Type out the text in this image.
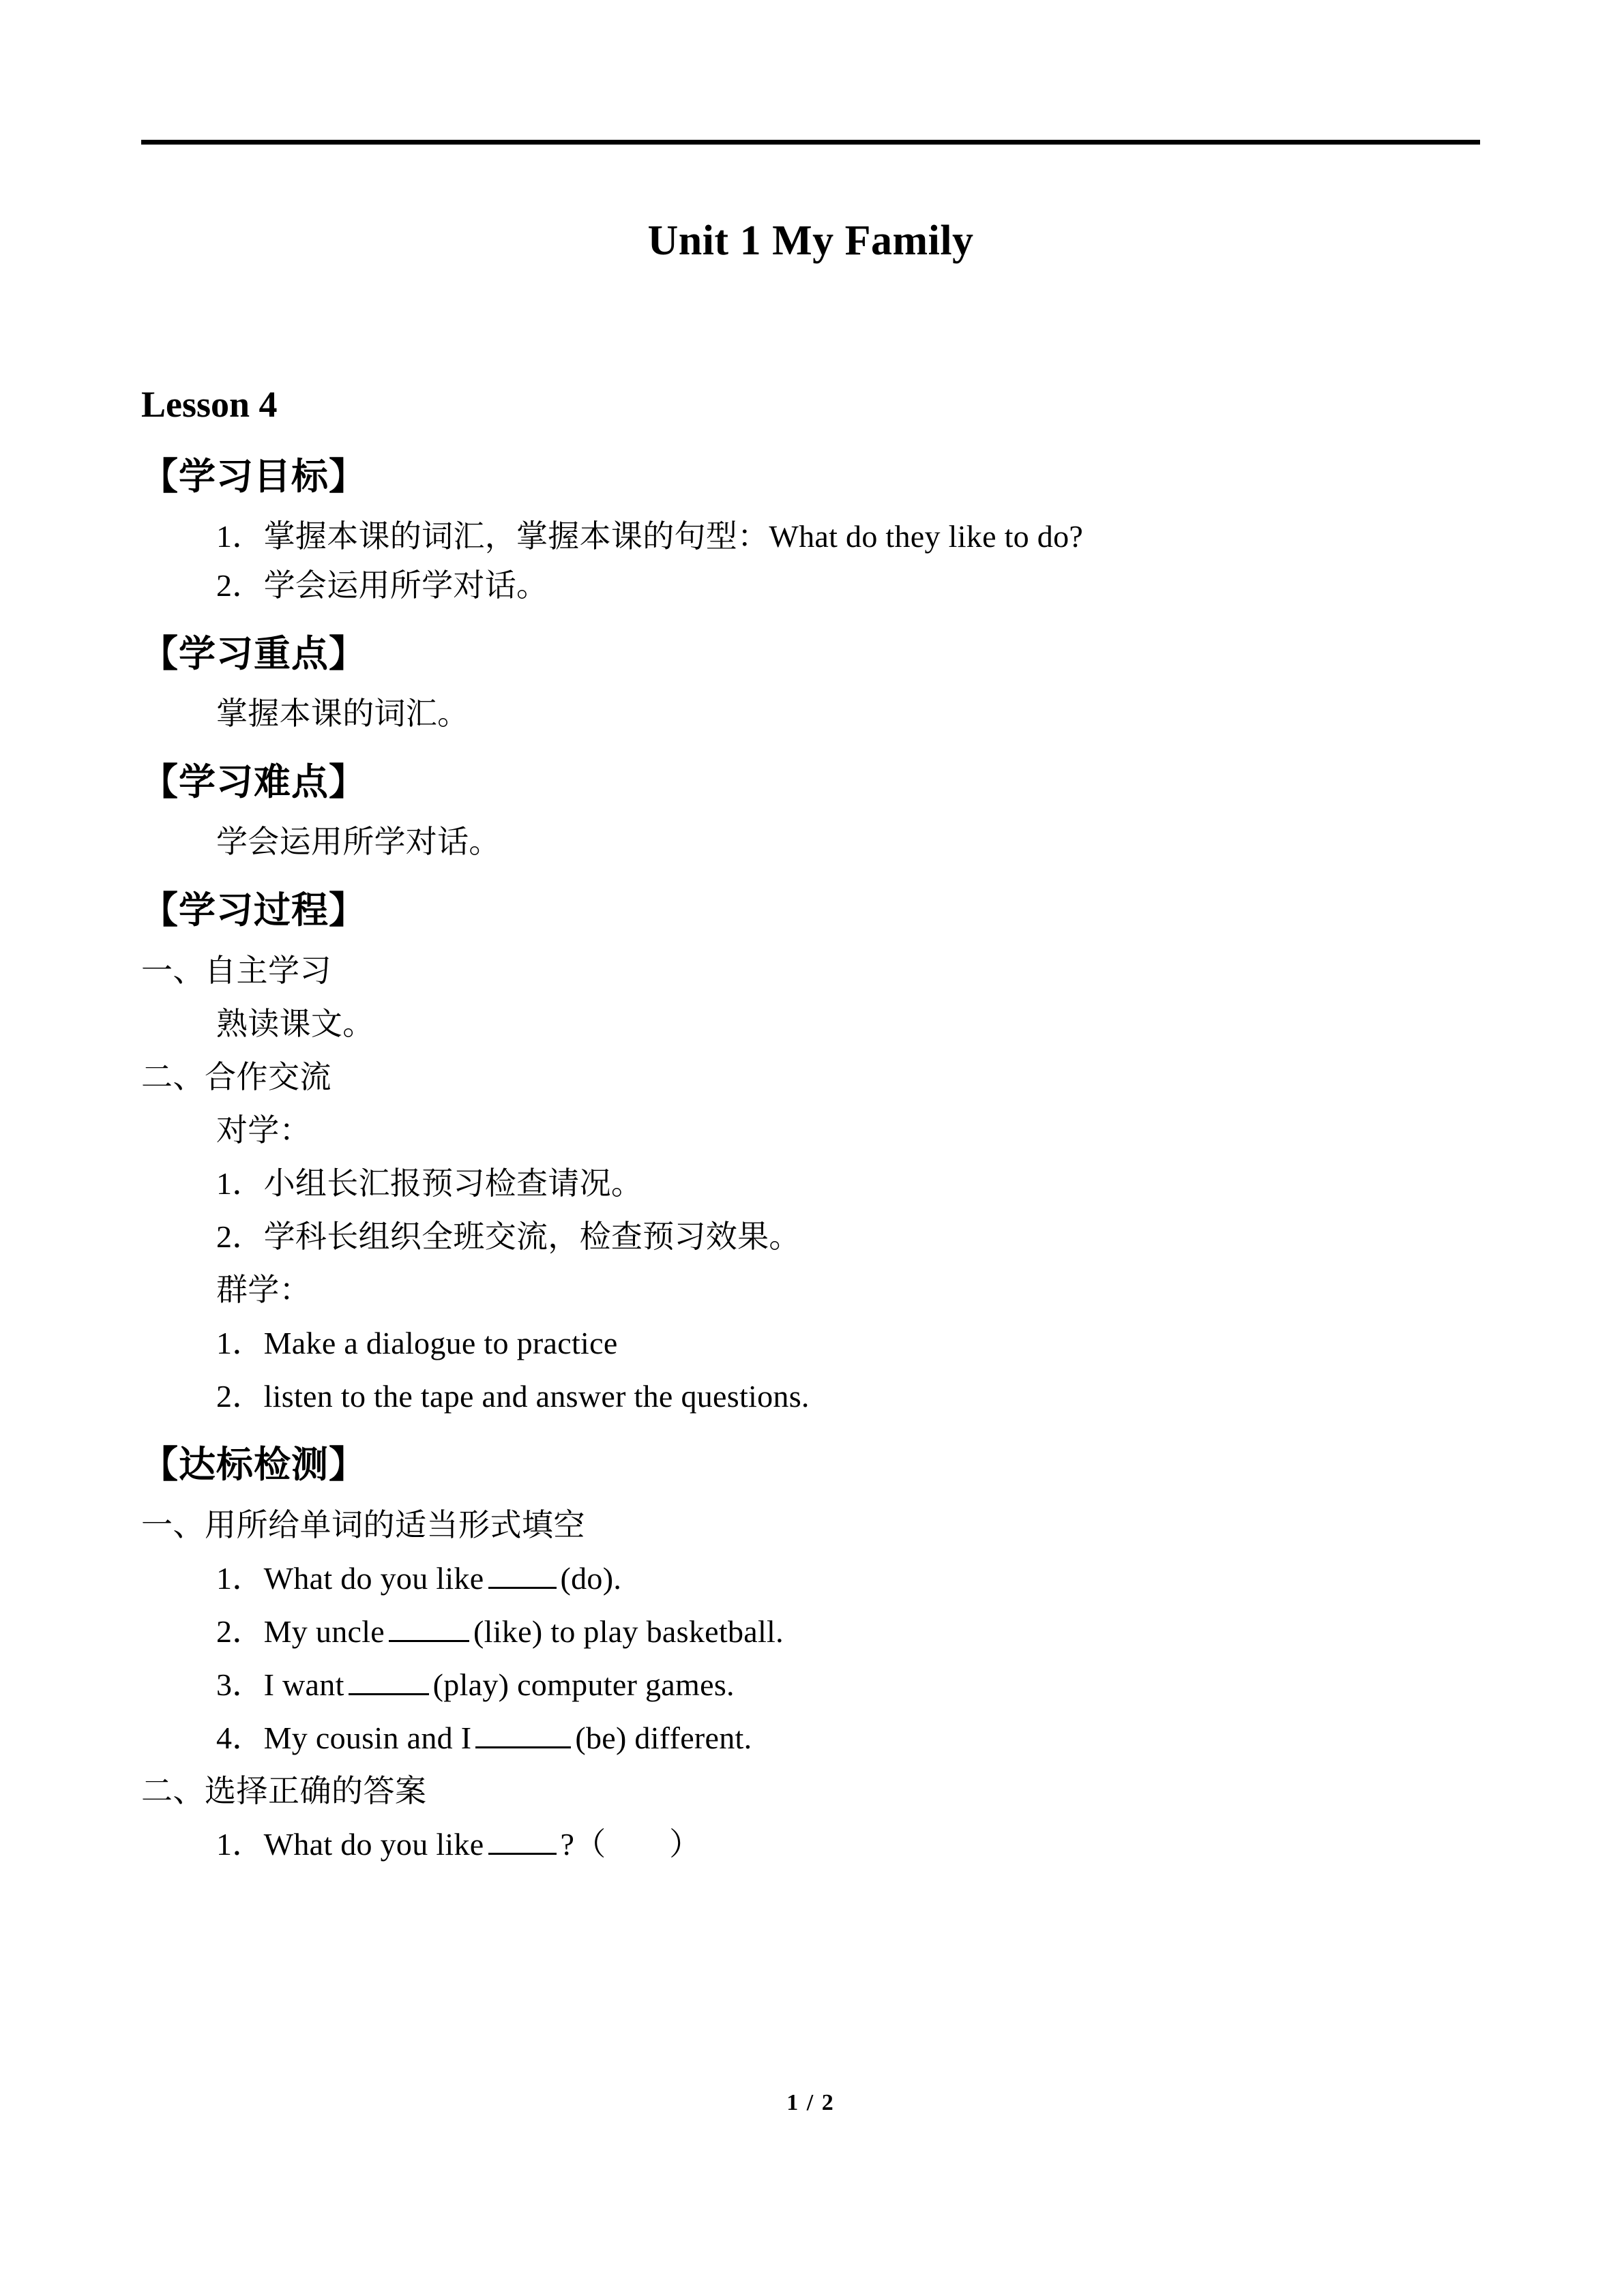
Unit 1 My Family
Lesson 4
【学习目标】
1．掌握本课的词汇，掌握本课的句型：What do they like to do?
2．学会运用所学对话。
【学习重点】
掌握本课的词汇。
【学习难点】
学会运用所学对话。
【学习过程】
一、自主学习
熟读课文。
二、合作交流
对学：
1．小组长汇报预习检查请况。
2．学科长组织全班交流，检查预习效果。
群学：
1．Make a dialogue to practice
2．listen to the tape and answer the questions.
【达标检测】
一、用所给单词的适当形式填空
1．What do you like (do).
2．My uncle	(like) to play basketball.
3．I want	(play) computer games.
4．My cousin and I	(be) different.
二、选择正确的答案
1．What do you like ?（　　）
1 / 2
